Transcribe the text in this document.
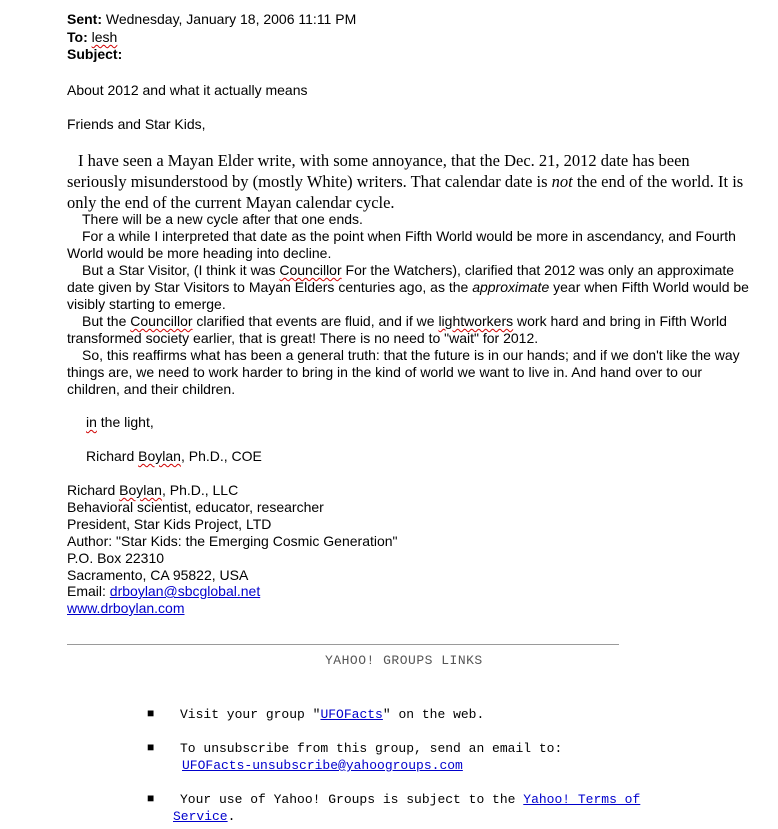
Sent: Wednesday, January 18, 2006 11:11 PM
To: lesh
Subject:
About 2012 and what it actually means
Friends and Star Kids,
I have seen a Mayan Elder write, with some annoyance, that the Dec. 21, 2012 date has been seriously misunderstood by (mostly White) writers. That calendar date is not the end of the world. It is only the end of the current Mayan calendar cycle.
There will be a new cycle after that one ends.
For a while I interpreted that date as the point when Fifth World would be more in ascendancy, and Fourth World would be more heading into decline.
But a Star Visitor, (I think it was Councillor For the Watchers), clarified that 2012 was only an approximate date given by Star Visitors to Mayan Elders centuries ago, as the approximate year when Fifth World would be visibly starting to emerge.
But the Councillor clarified that events are fluid, and if we lightworkers work hard and bring in Fifth World transformed society earlier, that is great! There is no need to "wait" for 2012.
So, this reaffirms what has been a general truth: that the future is in our hands; and if we don't like the way things are, we need to work harder to bring in the kind of world we want to live in. And hand over to our children, and their children.
in the light,
Richard Boylan, Ph.D., COE
Richard Boylan, Ph.D., LLC
Behavioral scientist, educator, researcher
President, Star Kids Project, LTD
Author: "Star Kids: the Emerging Cosmic Generation"
P.O. Box 22310
Sacramento, CA 95822, USA
Email: drboylan@sbcglobal.net
www.drboylan.com
YAHOO! GROUPS LINKS
■ Visit your group "UFOFacts" on the web.
■ To unsubscribe from this group, send an email to:
UFOFacts-unsubscribe@yahoogroups.com
■ Your use of Yahoo! Groups is subject to the Yahoo! Terms of
Service.
